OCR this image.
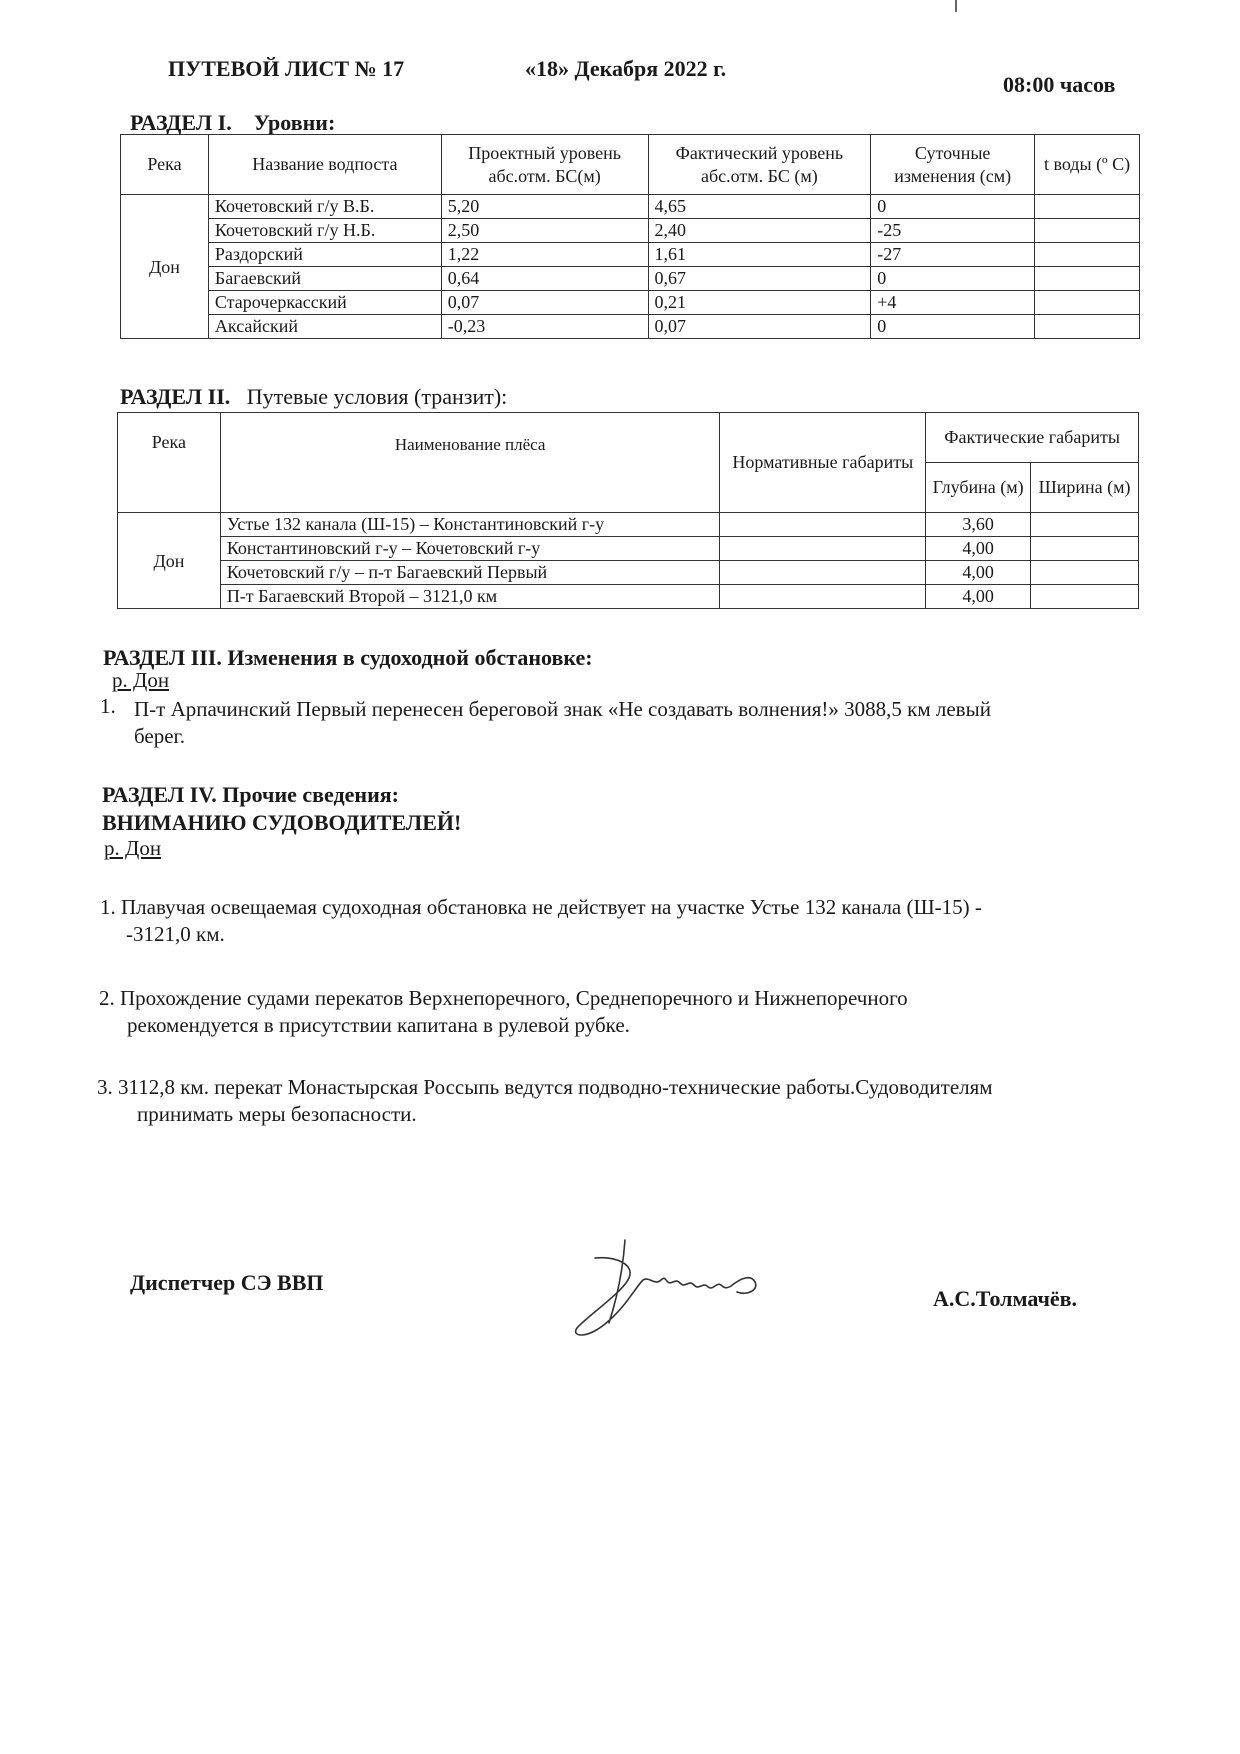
ПУТЕВОЙ ЛИСТ № 17	«18» Декабря 2022 г.
08:00 часов
РАЗДЕЛ I. Уровни:
Река	Название водпоста	Проектный уровень абс.отм. БС(м)	Фактический уровень абс.отм. БС (м)	Суточные изменения (см)	t воды (º С)
Дон	Кочетовский г/у В.Б.	5,20	4,65	0	
	Кочетовский г/у Н.Б.	2,50	2,40	-25	
	Раздорский	1,22	1,61	-27	
	Багаевский	0,64	0,67	0	
	Старочеркасский	0,07	0,21	+4	
	Аксайский	-0,23	0,07	0	
РАЗДЕЛ II. Путевые условия (транзит):
Река	Наименование плёса	Нормативные габариты	Фактические габариты	
			Глубина (м)	Ширина (м)
Дон	Устье 132 канала (Ш-15) – Константиновский г-у		3,60	
	Константиновский г-у – Кочетовский г-у		4,00	
	Кочетовский г/у – п-т Багаевский Первый		4,00	
	П-т Багаевский Второй – 3121,0 км		4,00	
РАЗДЕЛ III. Изменения в судоходной обстановке:
р. Дон
1. П-т Арпачинский Первый перенесен береговой знак «Не создавать волнения!» 3088,5 км левый
берег.
РАЗДЕЛ IV. Прочие сведения:
ВНИМАНИЮ СУДОВОДИТЕЛЕЙ!
р. Дон
1. Плавучая освещаемая судоходная обстановка не действует на участке Устье 132 канала (Ш-15) -
-3121,0 км.
2. Прохождение судами перекатов Верхнепоречного, Среднепоречного и Нижнепоречного
рекомендуется в присутствии капитана в рулевой рубке.
3. 3112,8 км. перекат Монастырская Россыпь ведутся подводно-технические работы.Судоводителям
принимать меры безопасности.
Диспетчер СЭ ВВП
А.С.Толмачёв.
